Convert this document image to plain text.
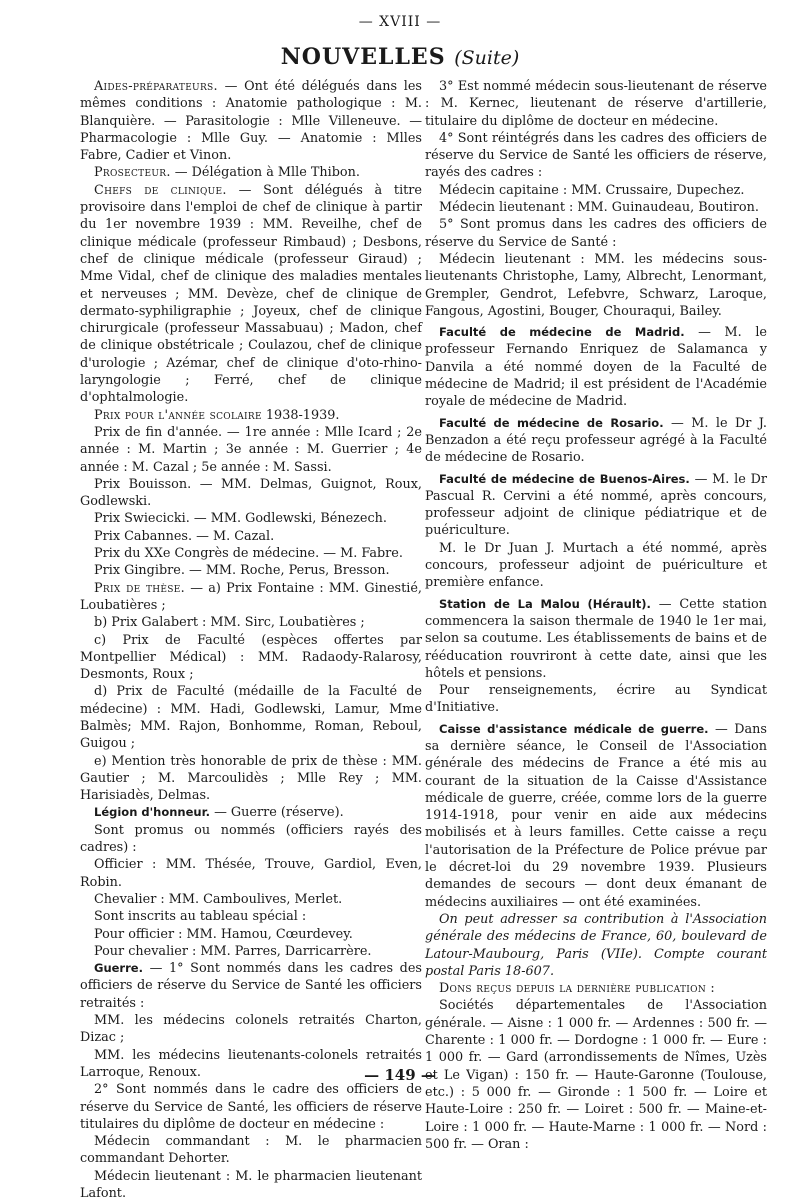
— XVIII —
NOUVELLES (Suite)

Aides-préparateurs. — Ont été délégués dans les mêmes conditions : Anatomie pathologique : M. Blanquière. — Parasitologie : Mlle Villeneuve. — Pharmacologie : Mlle Guy. — Anatomie : Mlles Fabre, Cadier et Vinon.

Prosecteur. — Délégation à Mlle Thibon.

Chefs de clinique. — Sont délégués à titre provisoire dans l'emploi de chef de clinique à partir du 1er novembre 1939 : MM. Reveilhe, chef de clinique médicale (professeur Rimbaud) ; Desbons, chef de clinique médicale (professeur Giraud) ; Mme Vidal, chef de clinique des maladies mentales et nerveuses ; MM. Devèze, chef de clinique de dermato-syphiligraphie ; Joyeux, chef de clinique chirurgicale (professeur Massabuau) ; Madon, chef de clinique obstétricale ; Coulazou, chef de clinique d'urologie ; Azémar, chef de clinique d'oto-rhino-laryngologie ; Ferré, chef de clinique d'ophtalmologie.

Prix pour l'année scolaire 1938-1939.

Prix de fin d'année. — 1re année : Mlle Icard ; 2e année : M. Martin ; 3e année : M. Guerrier ; 4e année : M. Cazal ; 5e année : M. Sassi.

Prix Bouisson. — MM. Delmas, Guignot, Roux, Godlewski.

Prix Swiecicki. — MM. Godlewski, Bénezech.

Prix Cabannes. — M. Cazal.

Prix du XXe Congrès de médecine. — M. Fabre.

Prix Gingibre. — MM. Roche, Perus, Bresson.

Prix de thèse. — a) Prix Fontaine : MM. Ginestié, Loubatières ;

b) Prix Galabert : MM. Sirc, Loubatières ;

c) Prix de Faculté (espèces offertes par Montpellier Médical) : MM. Radaody-Ralarosy, Desmonts, Roux ;

d) Prix de Faculté (médaille de la Faculté de médecine) : MM. Hadi, Godlewski, Lamur, Mme Balmès; MM. Rajon, Bonhomme, Roman, Reboul, Guigou ;

e) Mention très honorable de prix de thèse : MM. Gautier ; M. Marcoulidès ; Mlle Rey ; MM. Harisiadès, Delmas.

Légion d'honneur. — Guerre (réserve).

Sont promus ou nommés (officiers rayés des cadres) :

Officier : MM. Thésée, Trouve, Gardiol, Even, Robin.

Chevalier : MM. Camboulives, Merlet.

Sont inscrits au tableau spécial :

Pour officier : MM. Hamou, Cœurdevey.

Pour chevalier : MM. Parres, Darricarrère.

Guerre. — 1° Sont nommés dans les cadres des officiers de réserve du Service de Santé les officiers retraités :

MM. les médecins colonels retraités Charton, Dizac ;

MM. les médecins lieutenants-colonels retraités Larroque, Renoux.

2° Sont nommés dans le cadre des officiers de réserve du Service de Santé, les officiers de réserve titulaires du diplôme de docteur en médecine :

Médecin commandant : M. le pharmacien commandant Dehorter.

Médecin lieutenant : M. le pharmacien lieutenant Lafont.

3° Est nommé médecin sous-lieutenant de réserve : M. Kernec, lieutenant de réserve d'artillerie, titulaire du diplôme de docteur en médecine.

4° Sont réintégrés dans les cadres des officiers de réserve du Service de Santé les officiers de réserve, rayés des cadres :

Médecin capitaine : MM. Crussaire, Dupechez.

Médecin lieutenant : MM. Guinaudeau, Boutiron.

5° Sont promus dans les cadres des officiers de réserve du Service de Santé :

Médecin lieutenant : MM. les médecins sous-lieutenants Christophe, Lamy, Albrecht, Lenormant, Grempler, Gendrot, Lefebvre, Schwarz, Laroque, Fangous, Agostini, Bouger, Chouraqui, Bailey.

Faculté de médecine de Madrid. — M. le professeur Fernando Enriquez de Salamanca y Danvila a été nommé doyen de la Faculté de médecine de Madrid; il est président de l'Académie royale de médecine de Madrid.

Faculté de médecine de Rosario. — M. le Dr J. Benzadon a été reçu professeur agrégé à la Faculté de médecine de Rosario.

Faculté de médecine de Buenos-Aires. — M. le Dr Pascual R. Cervini a été nommé, après concours, professeur adjoint de clinique pédiatrique et de puériculture.

M. le Dr Juan J. Murtach a été nommé, après concours, professeur adjoint de puériculture et première enfance.

Station de La Malou (Hérault). — Cette station commencera la saison thermale de 1940 le 1er mai, selon sa coutume. Les établissements de bains et de rééducation rouvriront à cette date, ainsi que les hôtels et pensions.

Pour renseignements, écrire au Syndicat d'Initiative.

Caisse d'assistance médicale de guerre. — Dans sa dernière séance, le Conseil de l'Association générale des médecins de France a été mis au courant de la situation de la Caisse d'Assistance médicale de guerre, créée, comme lors de la guerre 1914-1918, pour venir en aide aux médecins mobilisés et à leurs familles. Cette caisse a reçu l'autorisation de la Préfecture de Police prévue par le décret-loi du 29 novembre 1939. Plusieurs demandes de secours — dont deux émanant de médecins auxiliaires — ont été examinées.

On peut adresser sa contribution à l'Association générale des médecins de France, 60, boulevard de Latour-Maubourg, Paris (VIIe). Compte courant postal Paris 18-607.

Dons reçus depuis la dernière publication :

Sociétés départementales de l'Association générale. — Aisne : 1 000 fr. — Ardennes : 500 fr. — Charente : 1 000 fr. — Dordogne : 1 000 fr. — Eure : 1 000 fr. — Gard (arrondissements de Nîmes, Uzès et Le Vigan) : 150 fr. — Haute-Garonne (Toulouse, etc.) : 5 000 fr. — Gironde : 1 500 fr. — Loire et Haute-Loire : 250 fr. — Loiret : 500 fr. — Maine-et-Loire : 1 000 fr. — Haute-Marne : 1 000 fr. — Nord : 500 fr. — Oran :

— 149 —
